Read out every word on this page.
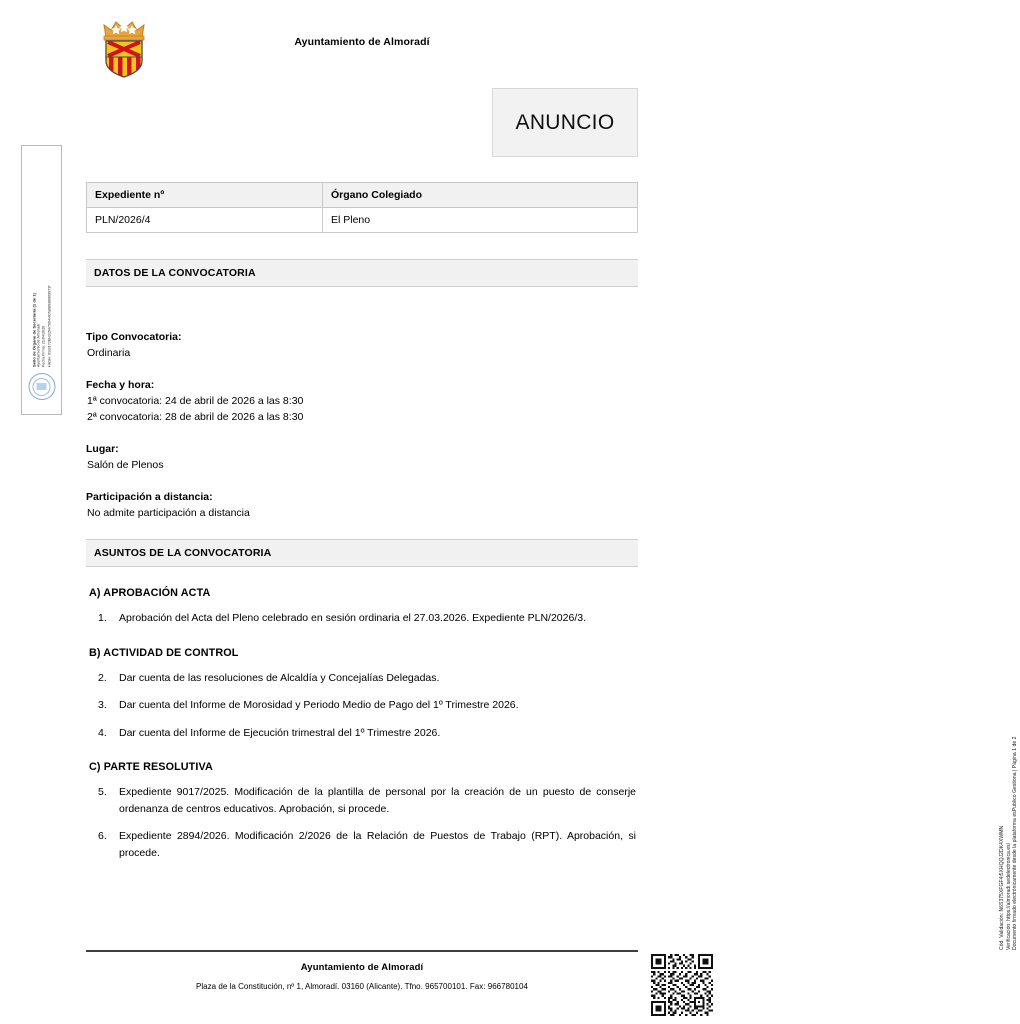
Sello de Órgano de Secretaría (1 de 1) Ayuntamiento de Almoradí Fecha Firma: 21/04/2026 HASH: 6S3i172EH3154i7004i4Gfa680i86909973f
Ayuntamiento de Almoradí
ANUNCIO
Expediente nº	Órgano Colegiado
PLN/2026/4	El Pleno
DATOS DE LA CONVOCATORIA
Tipo Convocatoria:
Ordinaria
Fecha y hora:
1ª convocatoria: 24 de abril de 2026 a las 8:30
2ª convocatoria: 28 de abril de 2026 a las 8:30
Lugar:
Salón de Plenos
Participación a distancia:
No admite participación a distancia
ASUNTOS DE LA CONVOCATORIA
A) APROBACIÓN ACTA
1.	Aprobación del Acta del Pleno celebrado en sesión ordinaria el 27.03.2026. Expediente PLN/2026/3.
B) ACTIVIDAD DE CONTROL
2.	Dar cuenta de las resoluciones de Alcaldía y Concejalías Delegadas.
3.	Dar cuenta del Informe de Morosidad y Periodo Medio de Pago del 1º Trimestre 2026.
4.	Dar cuenta del Informe de Ejecución trimestral del 1º Trimestre 2026.
C) PARTE RESOLUTIVA
5.	Expediente 9017/2025. Modificación de la plantilla de personal por la creación de un puesto de conserje ordenanza de centros educativos. Aprobación, si procede.
6.	Expediente 2894/2026. Modificación 2/2026 de la Relación de Puestos de Trabajo (RPT). Aprobación, si procede.
Ayuntamiento de Almoradí
Plaza de la Constitución, nº 1, Almoradí. 03160 (Alicante). Tfno. 965700101. Fax: 966780104
Cód. Validación: N6S375XFGF4i5XHQQJ2DK4XWMN Verificación: https://almoradi.sedelectronica.es/ Documento firmado electrónicamente desde la plataforma esPublico Gestiona | Página 1 de 2
